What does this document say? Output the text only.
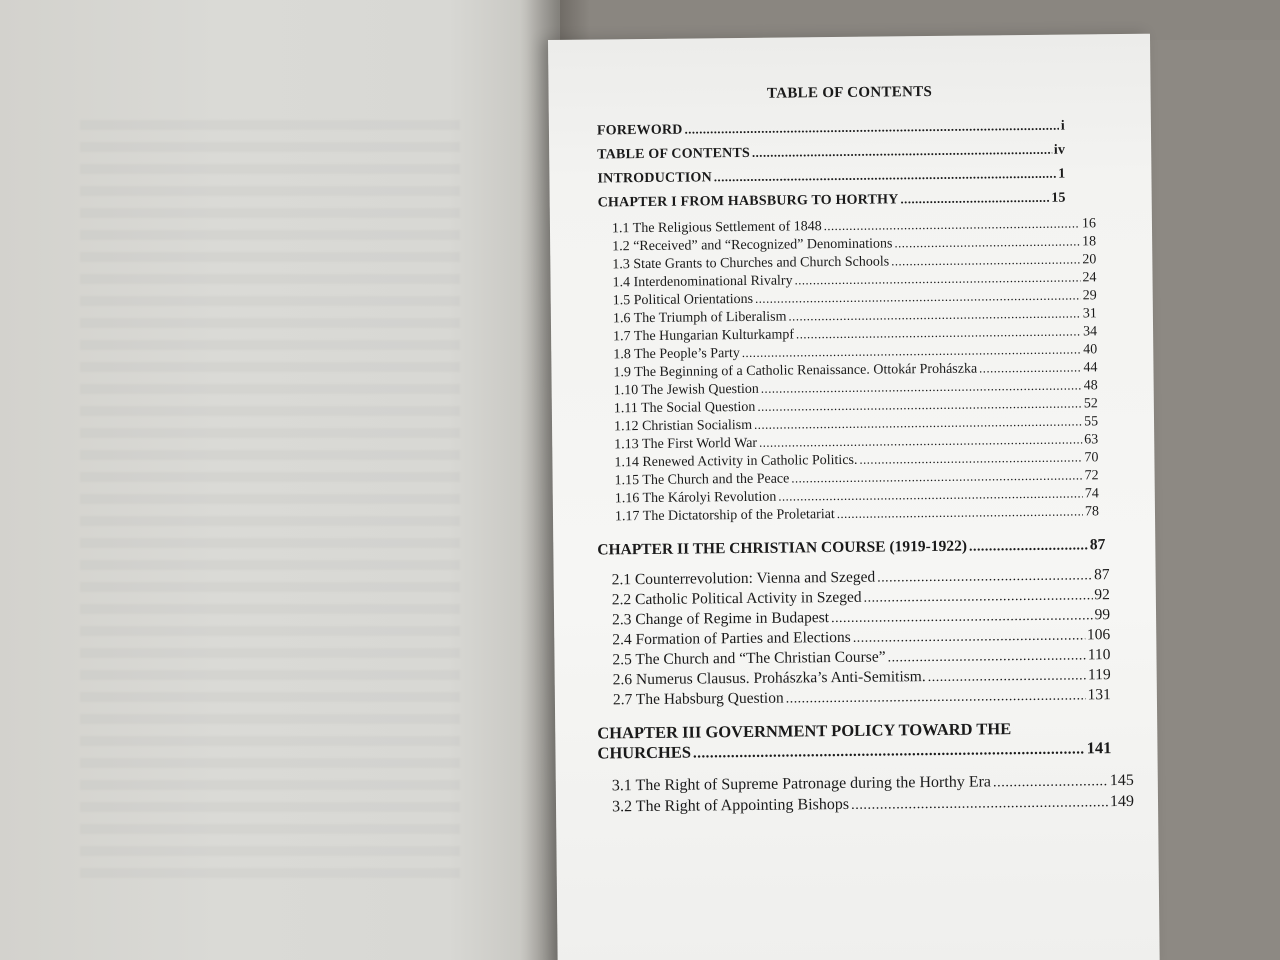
TABLE OF CONTENTS
FOREWORD .....	i
TABLE OF CONTENTS .....	iv
INTRODUCTION .....	1
CHAPTER I FROM HABSBURG TO HORTHY .....	15
1.1 The Religious Settlement of 1848 .....	16
1.2 “Received” and “Recognized” Denominations .....	18
1.3 State Grants to Churches and Church Schools .....	20
1.4 Interdenominational Rivalry .....	24
1.5 Political Orientations .....	29
1.6 The Triumph of Liberalism .....	31
1.7 The Hungarian Kulturkampf .....	34
1.8 The People’s Party .....	40
1.9 The Beginning of a Catholic Renaissance. Ottokár Prohászka .....	44
1.10 The Jewish Question .....	48
1.11 The Social Question .....	52
1.12 Christian Socialism .....	55
1.13 The First World War .....	63
1.14 Renewed Activity in Catholic Politics. .....	70
1.15 The Church and the Peace .....	72
1.16 The Károlyi Revolution .....	74
1.17 The Dictatorship of the Proletariat .....	78
CHAPTER II THE CHRISTIAN COURSE (1919-1922) .....	87
2.1 Counterrevolution: Vienna and Szeged .....	87
2.2 Catholic Political Activity in Szeged .....	92
2.3 Change of Regime in Budapest .....	99
2.4 Formation of Parties and Elections .....	106
2.5 The Church and “The Christian Course” .....	110
2.6 Numerus Clausus. Prohászka’s Anti-Semitism. .....	119
2.7 The Habsburg Question .....	131
CHAPTER III GOVERNMENT POLICY TOWARD THE
CHURCHES .....	141
3.1 The Right of Supreme Patronage during the Horthy Era .....	145
3.2 The Right of Appointing Bishops .....	149
